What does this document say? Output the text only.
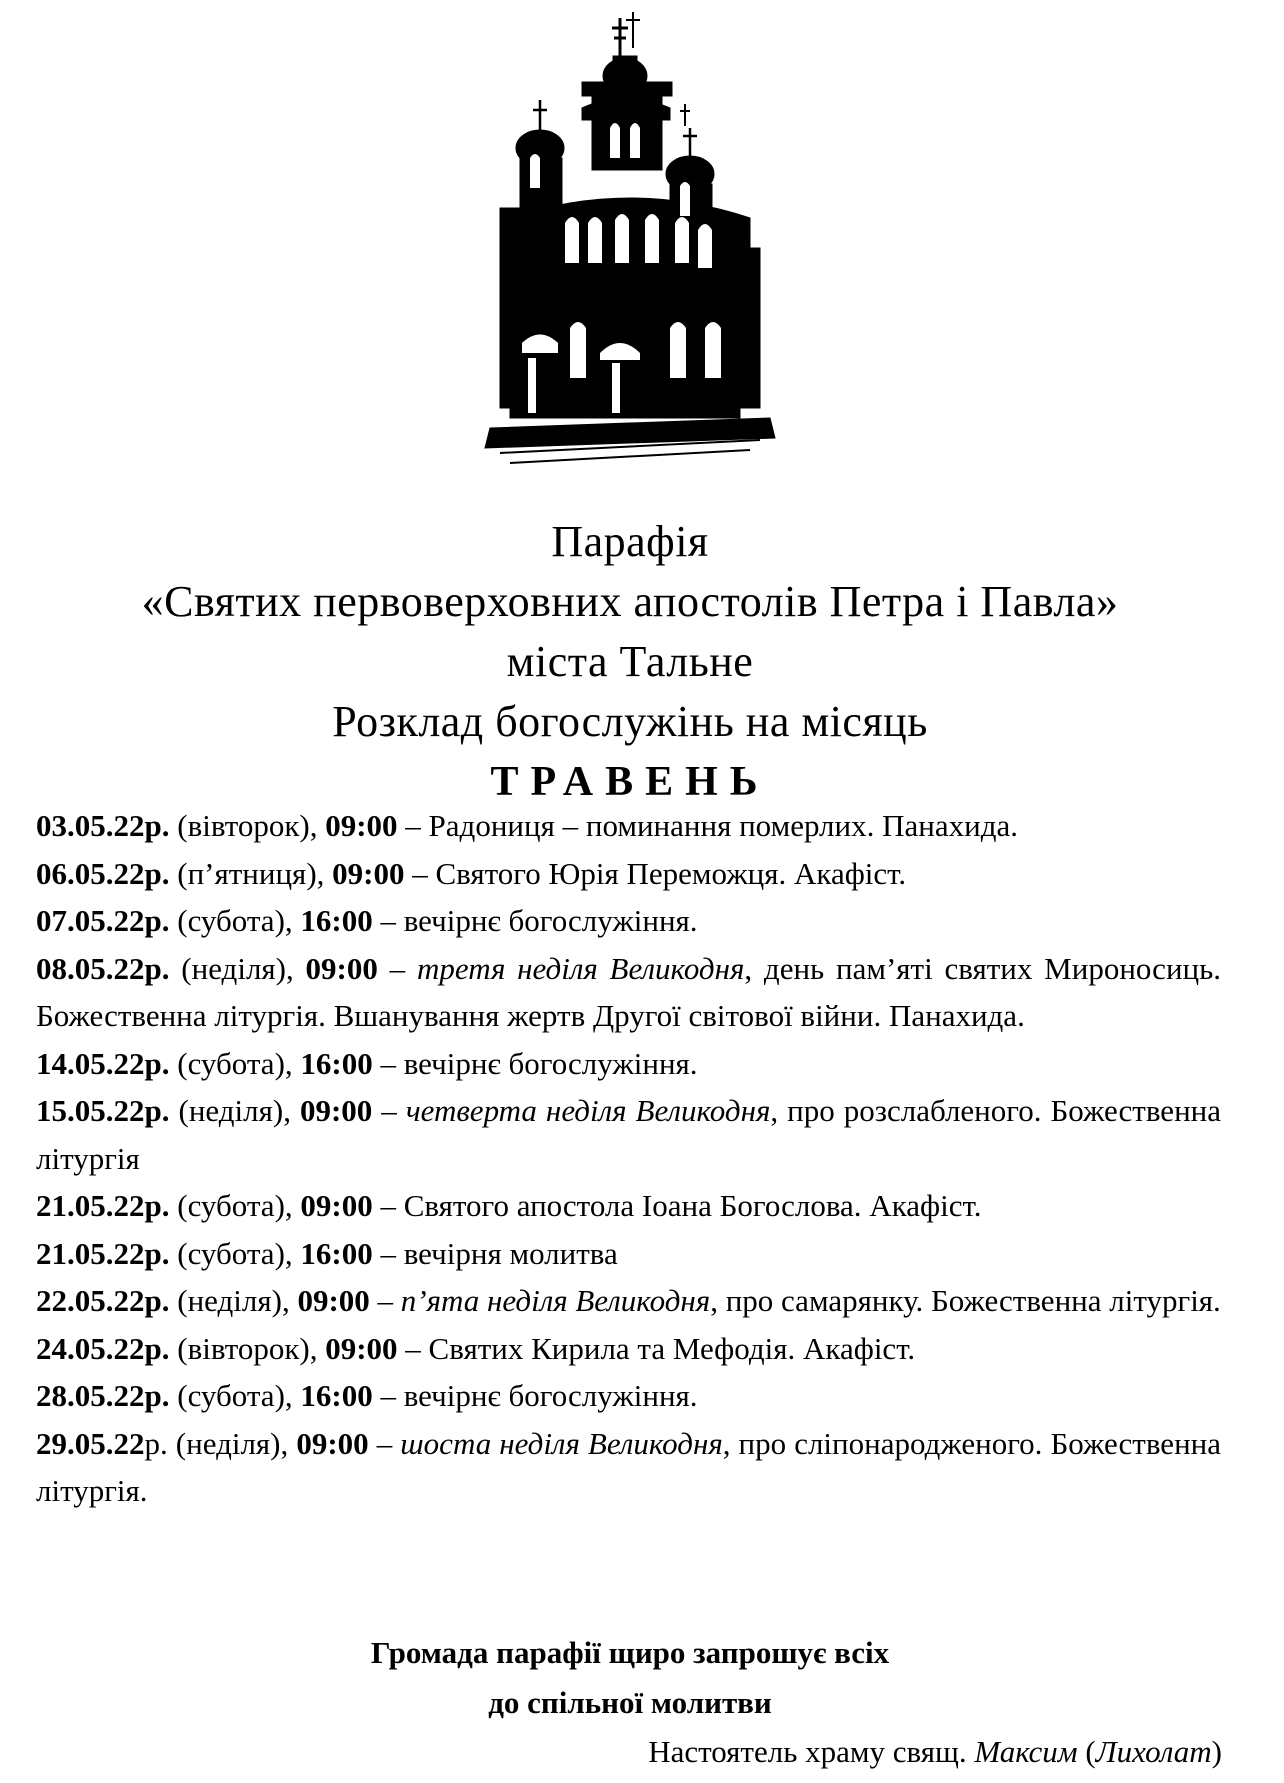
Парафія
«Святих первоверховних апостолів Петра і Павла»
міста Тальне
Розклад богослужінь на місяць
ТРАВЕНЬ

03.05.22р. (вівторок), 09:00 – Радониця – поминання померлих. Панахида.

06.05.22р. (п’ятниця), 09:00 – Святого Юрія Переможця. Акафіст.

07.05.22р. (субота), 16:00 – вечірнє богослужіння.

08.05.22р. (неділя), 09:00 – третя неділя Великодня, день пам’яті святих Мироносиць. Божественна літургія. Вшанування жертв Другої світової війни. Панахида.

14.05.22р. (субота), 16:00 – вечірнє богослужіння.

15.05.22р. (неділя), 09:00 – четверта неділя Великодня, про розслабленого. Божественна літургія

21.05.22р. (субота), 09:00 – Святого апостола Іоана Богослова. Акафіст.

21.05.22р. (субота), 16:00 – вечірня молитва

22.05.22р. (неділя), 09:00 – п’ята неділя Великодня, про самарянку. Божественна літургія.

24.05.22р. (вівторок), 09:00 – Святих Кирила та Мефодія. Акафіст.

28.05.22р. (субота), 16:00 – вечірнє богослужіння.

29.05.22р. (неділя), 09:00 – шоста неділя Великодня, про сліпонародженого. Божественна літургія.

Громада парафії щиро запрошує всіх
до спільної молитви
Настоятель храму свящ. Максим (Лихолат)
